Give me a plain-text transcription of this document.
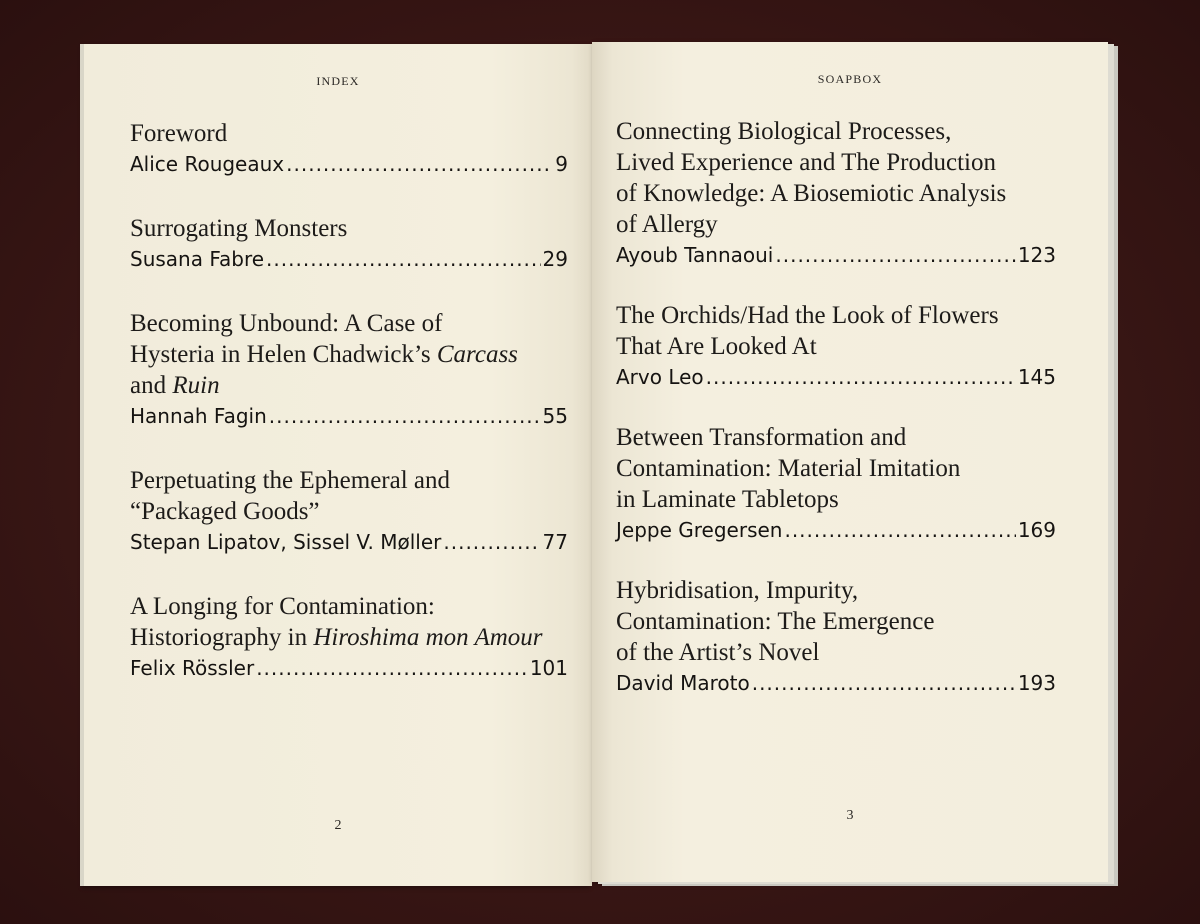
INDEX
Foreword
Alice Rougeaux .....	9
Surrogating Monsters
Susana Fabre .....	29
Becoming Unbound: A Case of
Hysteria in Helen Chadwick’s Carcass
and Ruin
Hannah Fagin .....	55
Perpetuating the Ephemeral and
“Packaged Goods”
Stepan Lipatov, Sissel V. Møller .....	77
A Longing for Contamination:
Historiography in Hiroshima mon Amour
Felix Rössler .....	101
2
SOAPBOX
Connecting Biological Processes,
Lived Experience and The Production
of Knowledge: A Biosemiotic Analysis
of Allergy
Ayoub Tannaoui .....	123
The Orchids/Had the Look of Flowers
That Are Looked At
Arvo Leo .....	145
Between Transformation and
Contamination: Material Imitation
in Laminate Tabletops
Jeppe Gregersen .....	169
Hybridisation, Impurity,
Contamination: The Emergence
of the Artist’s Novel
David Maroto .....	193
3
